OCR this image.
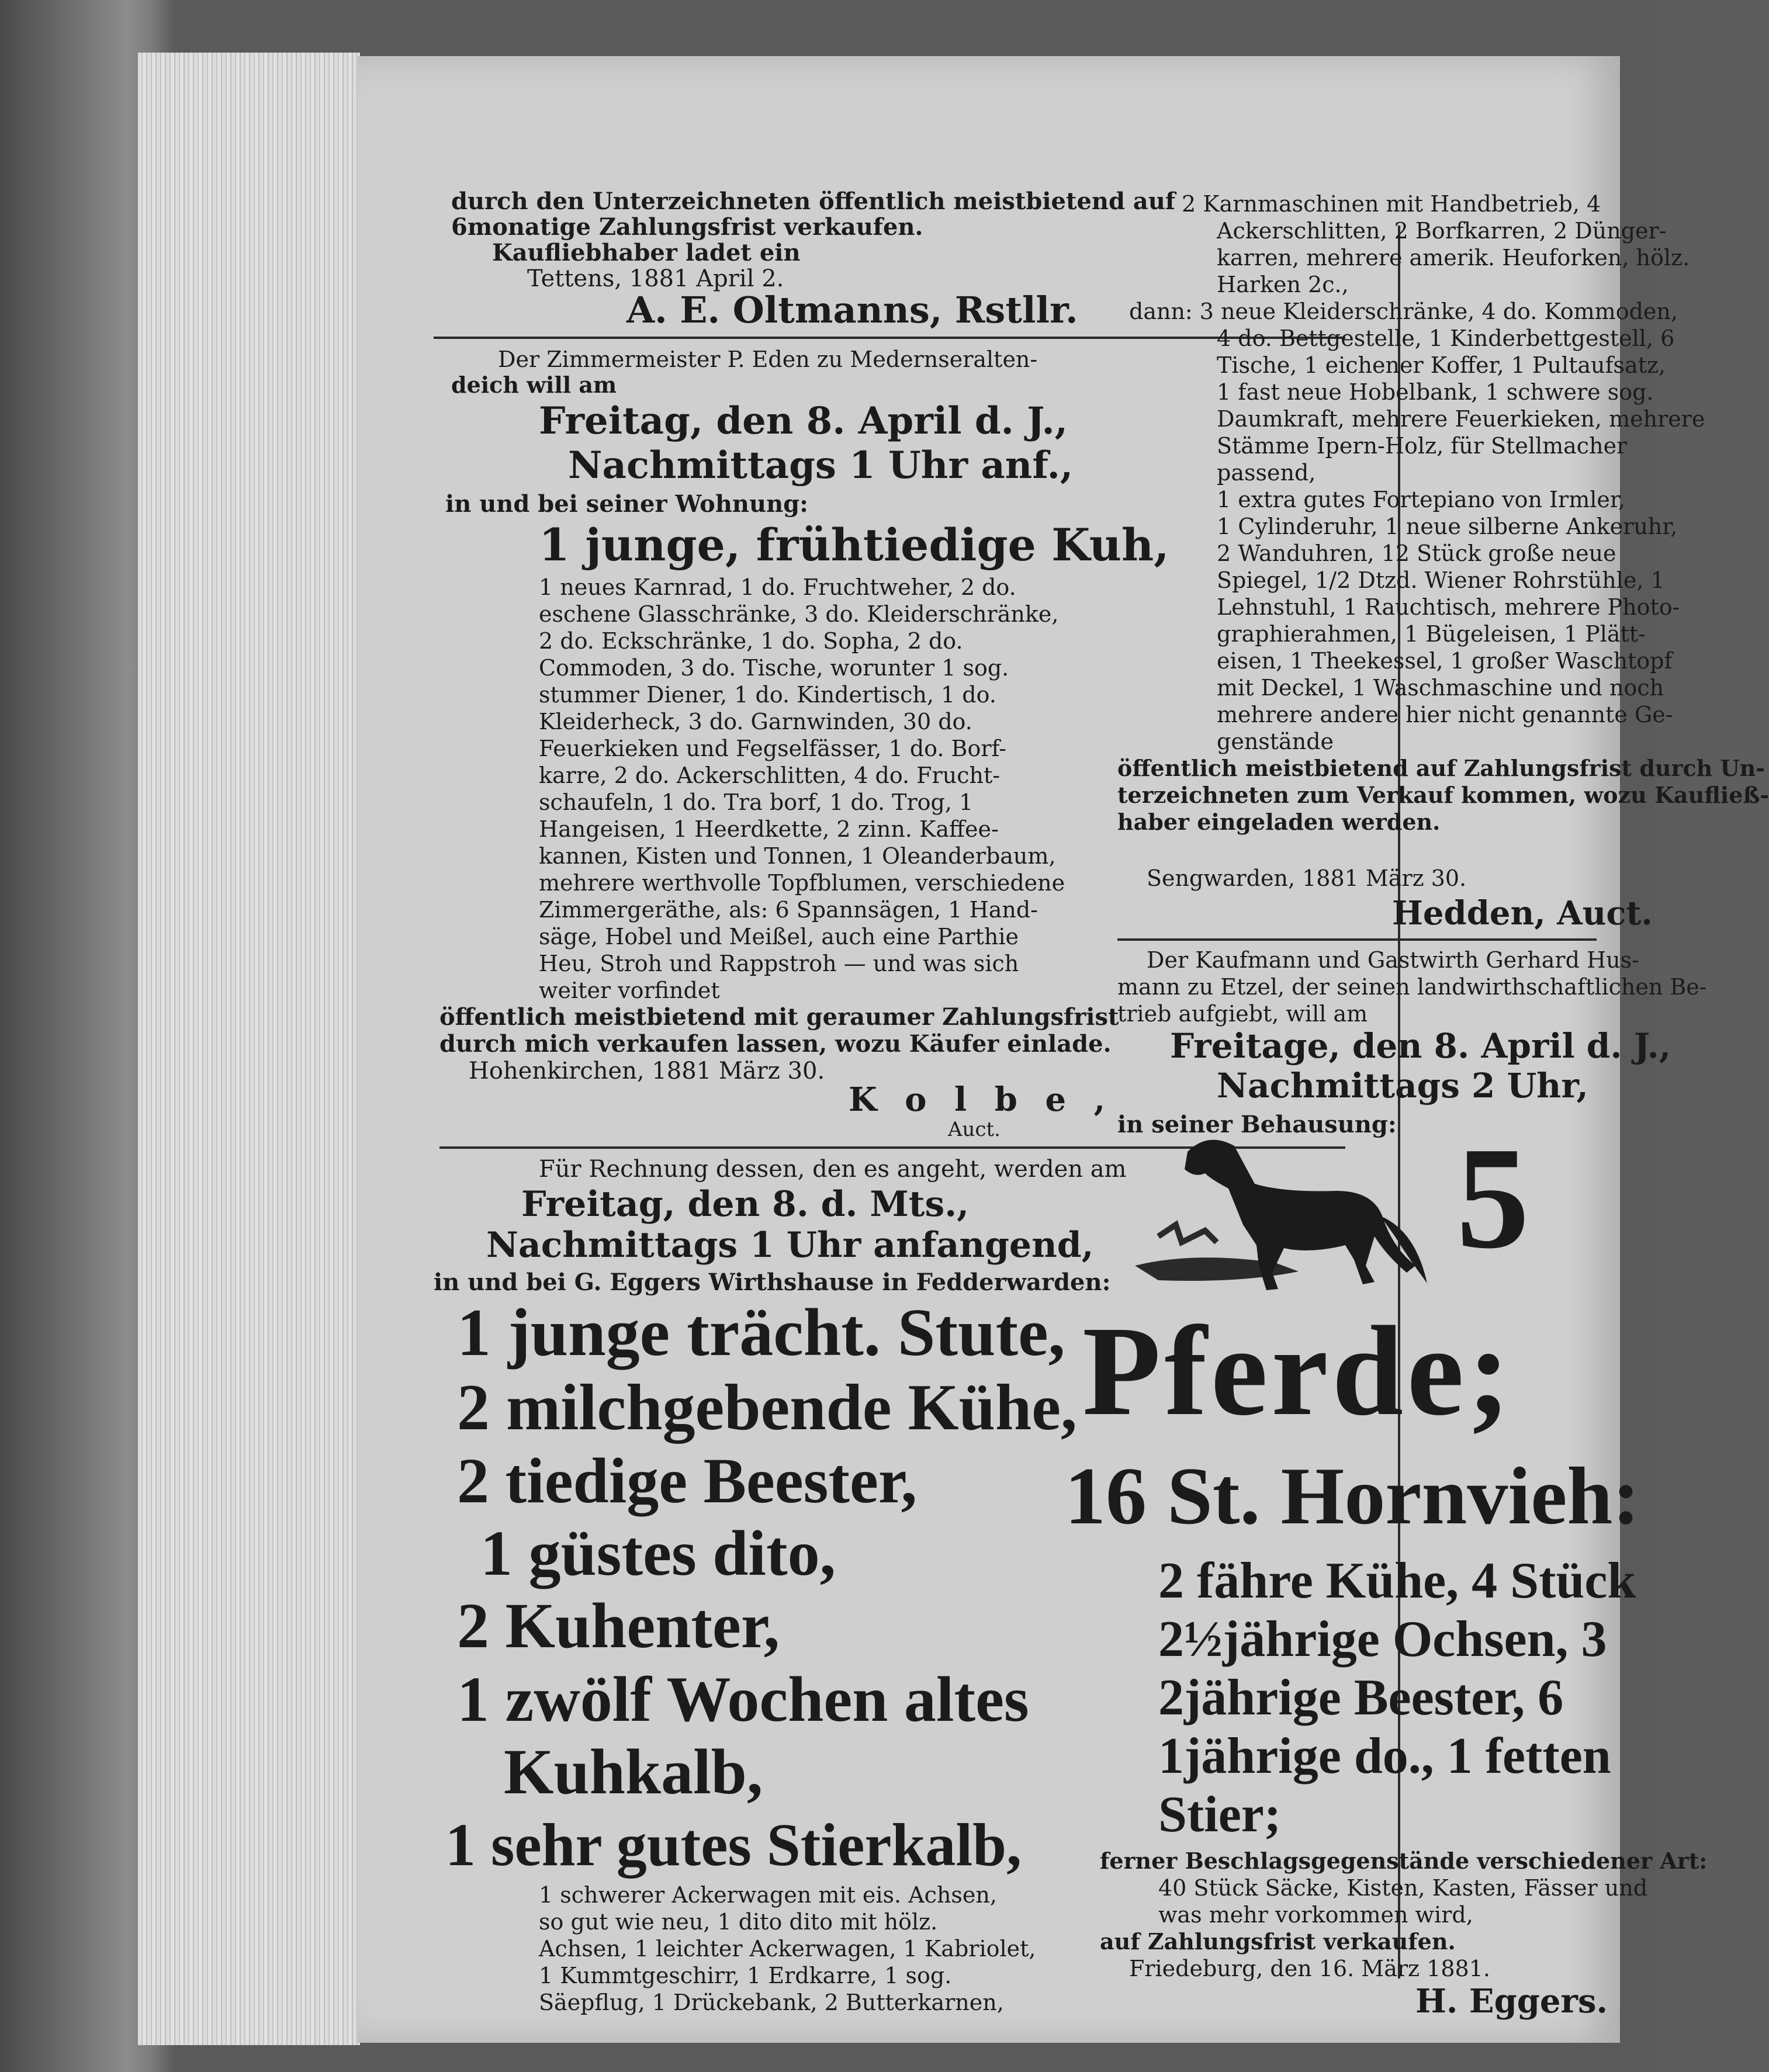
durch den Unterzeichneten öffentlich meistbietend auf
6monatige Zahlungsfrist verkaufen.
Kaufliebhaber ladet ein
Tettens, 1881 April 2.
A. E. Oltmanns, Rstllr.
Der Zimmermeister P. Eden zu Medernseralten-
deich will am
Freitag, den 8. April d. J.,
Nachmittags 1 Uhr anf.,
in und bei seiner Wohnung:
1 junge, frühtiedige Kuh,
1 neues Karnrad, 1 do. Fruchtweher, 2 do.
eschene Glasschränke, 3 do. Kleiderschränke,
2 do. Eckschränke, 1 do. Sopha, 2 do.
Commoden, 3 do. Tische, worunter 1 sog.
stummer Diener, 1 do. Kindertisch, 1 do.
Kleiderheck, 3 do. Garnwinden, 30 do.
Feuerkieken und Fegselfässer, 1 do. Borf-
karre, 2 do. Ackerschlitten, 4 do. Frucht-
schaufeln, 1 do. Tra borf, 1 do. Trog, 1
Hangeisen, 1 Heerdkette, 2 zinn. Kaffee-
kannen, Kisten und Tonnen, 1 Oleanderbaum,
mehrere werthvolle Topfblumen, verschiedene
Zimmergeräthe, als: 6 Spannsägen, 1 Hand-
säge, Hobel und Meißel, auch eine Parthie
Heu, Stroh und Rappstroh — und was sich
weiter vorfindet
öffentlich meistbietend mit geraumer Zahlungsfrist
durch mich verkaufen lassen, wozu Käufer einlade.
Hohenkirchen, 1881 März 30.
K o l b e ,
Auct.
Für Rechnung dessen, den es angeht, werden am
Freitag, den 8. d. Mts.,
Nachmittags 1 Uhr anfangend,
in und bei G. Eggers Wirthshause in Fedderwarden:
1 junge trächt. Stute,
2 milchgebende Kühe,
2 tiedige Beester,
1 güstes dito,
2 Kuhenter,
1 zwölf Wochen altes
Kuhkalb,
1 sehr gutes Stierkalb,
1 schwerer Ackerwagen mit eis. Achsen,
so gut wie neu, 1 dito dito mit hölz.
Achsen, 1 leichter Ackerwagen, 1 Kabriolet,
1 Kummtgeschirr, 1 Erdkarre, 1 sog.
Säepflug, 1 Drückebank, 2 Butterkarnen,
2 Karnmaschinen mit Handbetrieb, 4
Ackerschlitten, 2 Borfkarren, 2 Dünger-
karren, mehrere amerik. Heuforken, hölz.
Harken 2c.,
dann: 3 neue Kleiderschränke, 4 do. Kommoden,
4 do. Bettgestelle, 1 Kinderbettgestell, 6
Tische, 1 eichener Koffer, 1 Pultaufsatz,
1 fast neue Hobelbank, 1 schwere sog.
Daumkraft, mehrere Feuerkieken, mehrere
Stämme Ipern-Holz, für Stellmacher
passend,
1 extra gutes Fortepiano von Irmler,
1 Cylinderuhr, 1 neue silberne Ankeruhr,
2 Wanduhren, 12 Stück große neue
Spiegel, 1/2 Dtzd. Wiener Rohrstühle, 1
Lehnstuhl, 1 Rauchtisch, mehrere Photo-
graphierahmen, 1 Bügeleisen, 1 Plätt-
eisen, 1 Theekessel, 1 großer Waschtopf
mit Deckel, 1 Waschmaschine und noch
mehrere andere hier nicht genannte Ge-
genstände
öffentlich meistbietend auf Zahlungsfrist durch Un-
terzeichneten zum Verkauf kommen, wozu Kaufließ-
haber eingeladen werden.
Sengwarden, 1881 März 30.
Hedden, Auct.
Der Kaufmann und Gastwirth Gerhard Hus-
mann zu Etzel, der seinen landwirthschaftlichen Be-
trieb aufgiebt, will am
Freitage, den 8. April d. J.,
Nachmittags 2 Uhr,
in seiner Behausung: 5
Pferde;
16 St. Hornvieh:
2 fähre Kühe, 4 Stück
2½jährige Ochsen, 3
2jährige Beester, 6
1jährige do., 1 fetten
Stier;
ferner Beschlagsgegenstände verschiedener Art:
40 Stück Säcke, Kisten, Kasten, Fässer und
was mehr vorkommen wird,
auf Zahlungsfrist verkaufen.
Friedeburg, den 16. März 1881.
H. Eggers.
